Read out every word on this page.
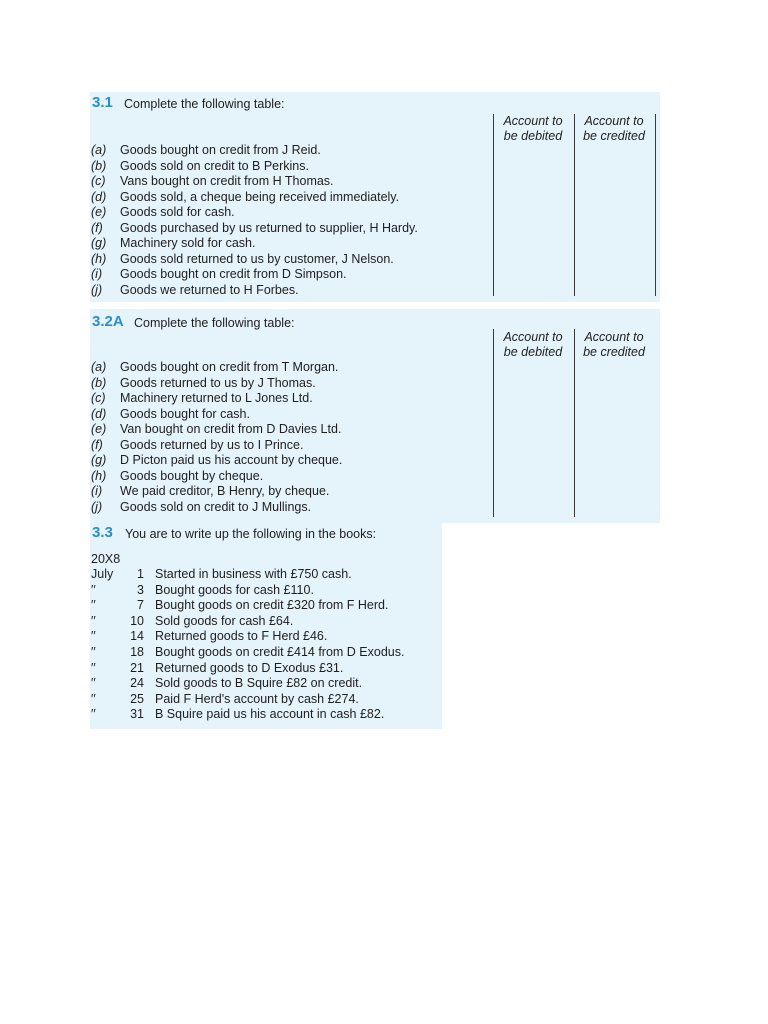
3.1 Complete the following table:
Account to
be debited
Account to
be credited
(a)	Goods bought on credit from J Reid.
(b)	Goods sold on credit to B Perkins.
(c)	Vans bought on credit from H Thomas.
(d)	Goods sold, a cheque being received immediately.
(e)	Goods sold for cash.
(f)	Goods purchased by us returned to supplier, H Hardy.
(g)	Machinery sold for cash.
(h)	Goods sold returned to us by customer, J Nelson.
(i)	Goods bought on credit from D Simpson.
(j)	Goods we returned to H Forbes.
3.2A Complete the following table:
Account to
be debited
Account to
be credited
(a)	Goods bought on credit from T Morgan.
(b)	Goods returned to us by J Thomas.
(c)	Machinery returned to L Jones Ltd.
(d)	Goods bought for cash.
(e)	Van bought on credit from D Davies Ltd.
(f)	Goods returned by us to I Prince.
(g)	D Picton paid us his account by cheque.
(h)	Goods bought by cheque.
(i)	We paid creditor, B Henry, by cheque.
(j)	Goods sold on credit to J Mullings.
3.3 You are to write up the following in the books:
20X8
July	1 Started in business with £750 cash.
′′	3 Bought goods for cash £110.
′′	7 Bought goods on credit £320 from F Herd.
′′	10 Sold goods for cash £64.
′′	14 Returned goods to F Herd £46.
′′	18 Bought goods on credit £414 from D Exodus.
′′	21 Returned goods to D Exodus £31.
′′	24 Sold goods to B Squire £82 on credit.
′′	25 Paid F Herd's account by cash £274.
′′	31 B Squire paid us his account in cash £82.
